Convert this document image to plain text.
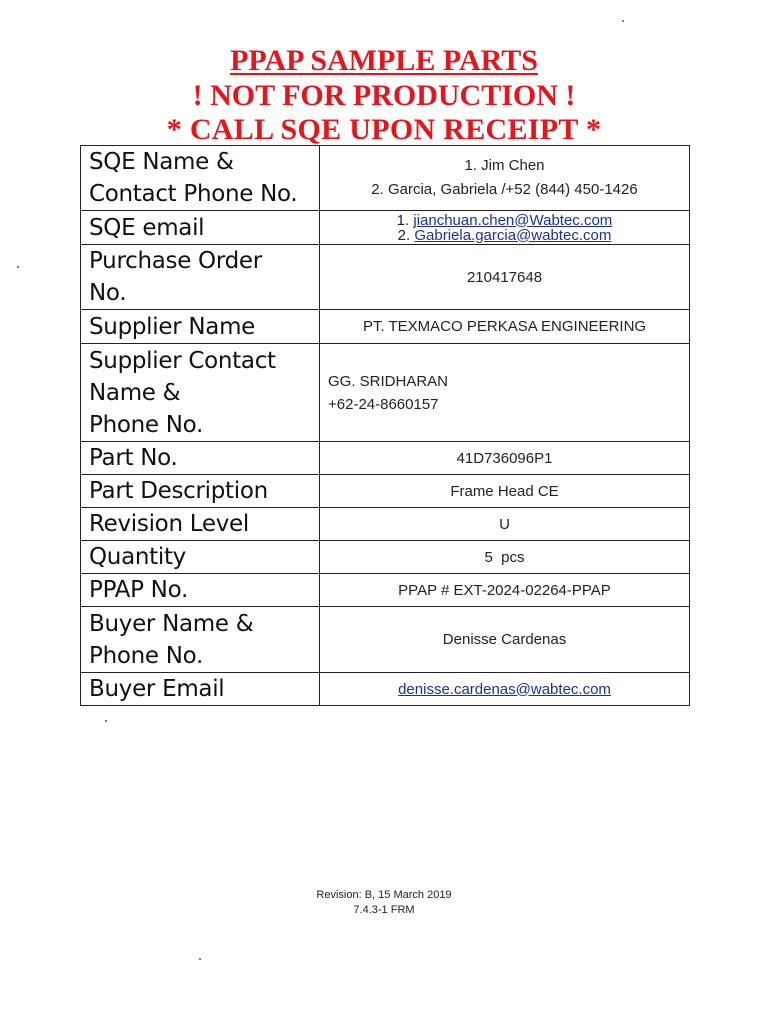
PPAP SAMPLE PARTS
! NOT FOR PRODUCTION !
* CALL SQE UPON RECEIPT *
SQE Name &
Contact Phone No.	1. Jim Chen
2. Garcia, Gabriela /+52 (844) 450-1426

SQE email	1. jianchuan.chen@Wabtec.com
2. Gabriela.garcia@wabtec.com

Purchase Order
No.	210417648
Supplier Name	PT. TEXMACO PERKASA ENGINEERING

Supplier Contact
Name &
Phone No.	GG. SRIDHARAN
+62-24-8660157

Part No.	41D736096P1
Part Description	Frame Head CE
Revision Level	U
Quantity	5  pcs
PPAP No.	PPAP # EXT-2024-02264-PPAP

Buyer Name &
Phone No.	Denisse Cardenas
Buyer Email	denisse.cardenas@wabtec.com
Revision: B, 15 March 2019
7.4.3-1 FRM
